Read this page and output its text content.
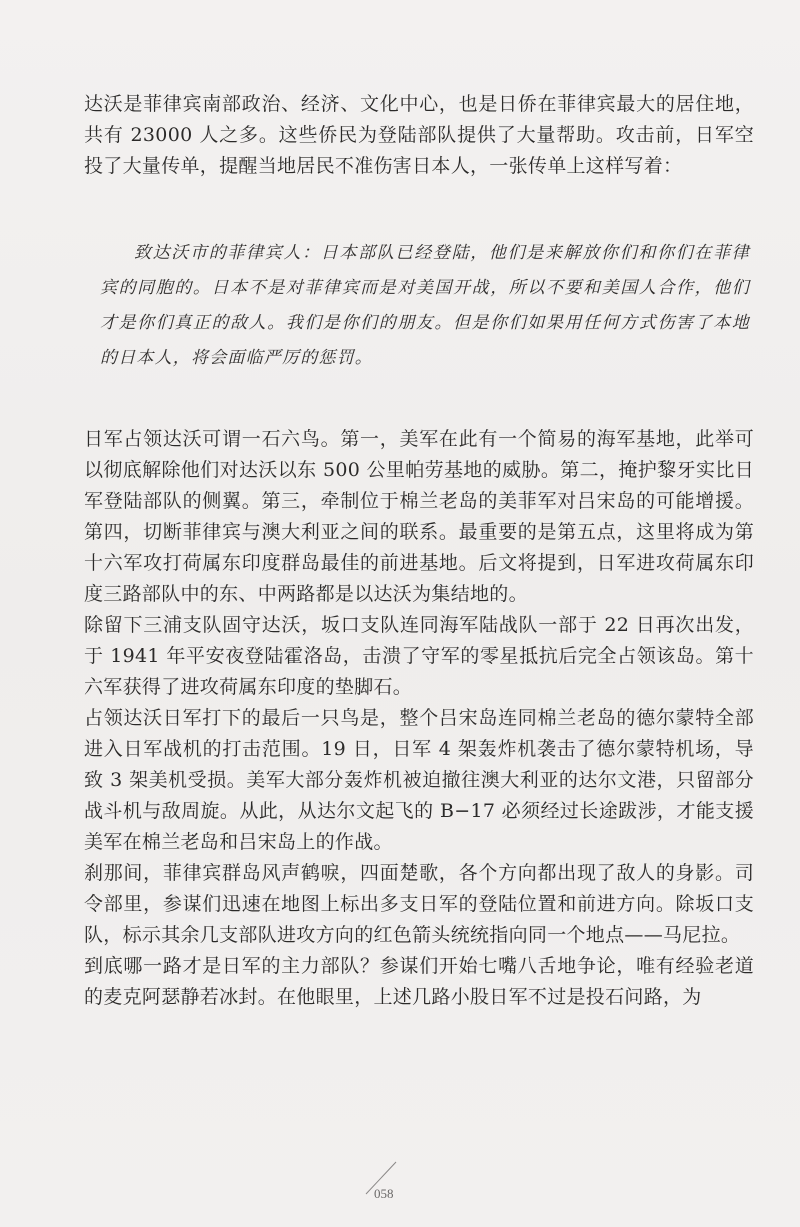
达沃是菲律宾南部政治、经济、文化中心，也是日侨在菲律宾最大的居住地，共有 23000 人之多。这些侨民为登陆部队提供了大量帮助。攻击前，日军空投了大量传单，提醒当地居民不准伤害日本人，一张传单上这样写着：

致达沃市的菲律宾人：日本部队已经登陆，他们是来解放你们和你们在菲律宾的同胞的。日本不是对菲律宾而是对美国开战，所以不要和美国人合作，他们才是你们真正的敌人。我们是你们的朋友。但是你们如果用任何方式伤害了本地的日本人，将会面临严厉的惩罚。

日军占领达沃可谓一石六鸟。第一，美军在此有一个简易的海军基地，此举可以彻底解除他们对达沃以东 500 公里帕劳基地的威胁。第二，掩护黎牙实比日军登陆部队的侧翼。第三，牵制位于棉兰老岛的美菲军对吕宋岛的可能增援。第四，切断菲律宾与澳大利亚之间的联系。最重要的是第五点，这里将成为第十六军攻打荷属东印度群岛最佳的前进基地。后文将提到，日军进攻荷属东印度三路部队中的东、中两路都是以达沃为集结地的。

除留下三浦支队固守达沃，坂口支队连同海军陆战队一部于 22 日再次出发，于 1941 年平安夜登陆霍洛岛，击溃了守军的零星抵抗后完全占领该岛。第十六军获得了进攻荷属东印度的垫脚石。

占领达沃日军打下的最后一只鸟是，整个吕宋岛连同棉兰老岛的德尔蒙特全部进入日军战机的打击范围。19 日，日军 4 架轰炸机袭击了德尔蒙特机场，导致 3 架美机受损。美军大部分轰炸机被迫撤往澳大利亚的达尔文港，只留部分战斗机与敌周旋。从此，从达尔文起飞的 B−17 必须经过长途跋涉，才能支援美军在棉兰老岛和吕宋岛上的作战。

刹那间，菲律宾群岛风声鹤唳，四面楚歌，各个方向都出现了敌人的身影。司令部里，参谋们迅速在地图上标出多支日军的登陆位置和前进方向。除坂口支队，标示其余几支部队进攻方向的红色箭头统统指向同一个地点——马尼拉。

到底哪一路才是日军的主力部队？参谋们开始七嘴八舌地争论，唯有经验老道的麦克阿瑟静若冰封。在他眼里，上述几路小股日军不过是投石问路，为

058
